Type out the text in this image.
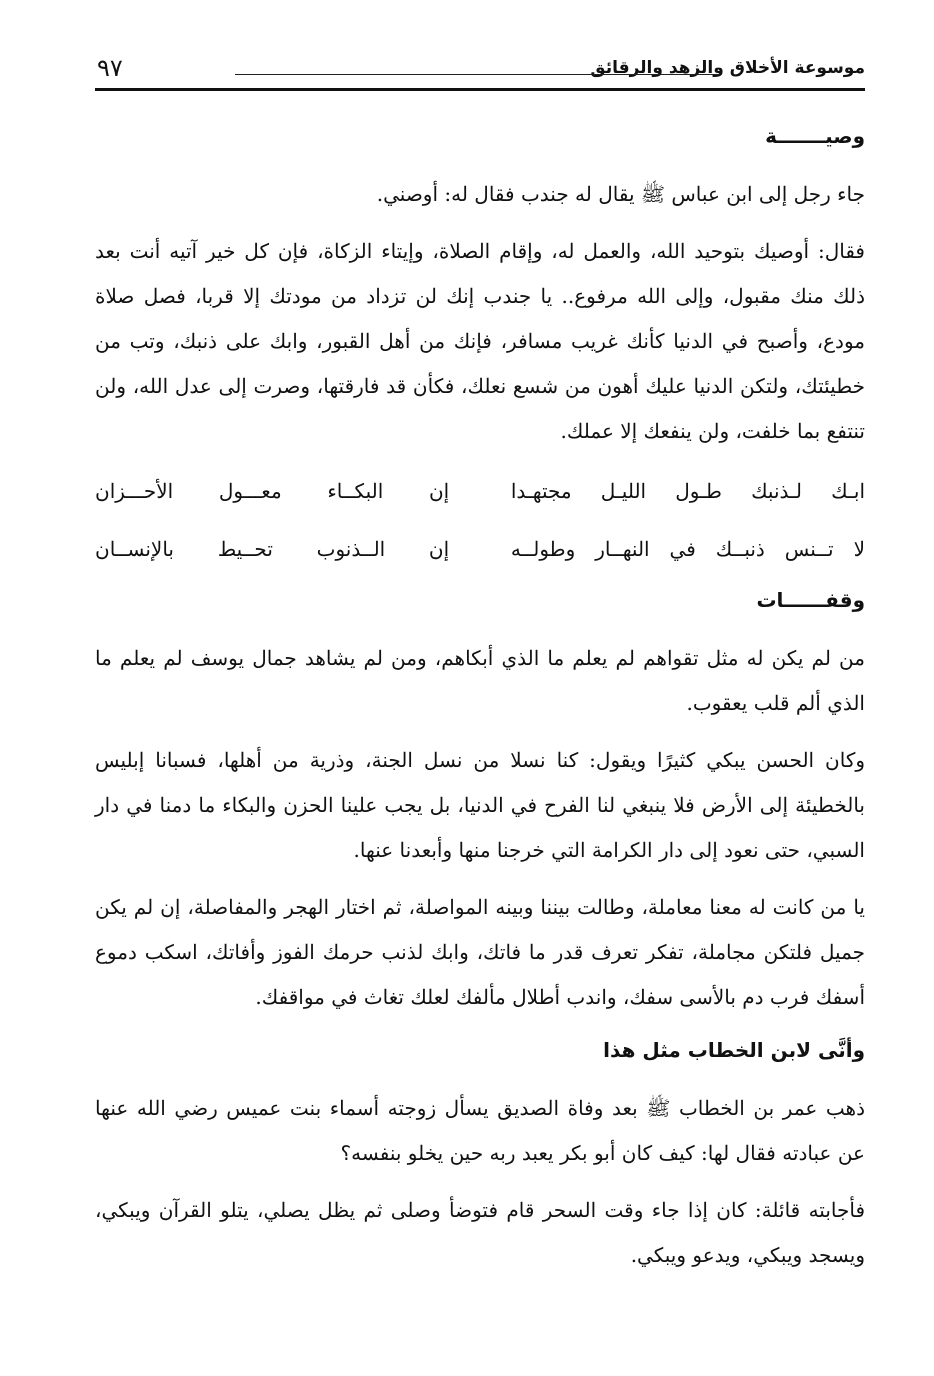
موسوعة الأخلاق والزهد والرقائق
٩٧
وصيـــــــة

جاء رجل إلى ابن عباس ﷺ يقال له جندب فقال له: أوصني.

فقال: أوصيك بتوحيد الله، والعمل له، وإقام الصلاة، وإيتاء الزكاة، فإن كل خير آتيه أنت بعد ذلك منك مقبول، وإلى الله مرفوع.. يا جندب إنك لن تزداد من مودتك إلا قربا، فصل صلاة مودع، وأصبح في الدنيا كأنك غريب مسافر، فإنك من أهل القبور، وابك على ذنبك، وتب من خطيئتك، ولتكن الدنيا عليك أهون من شسع نعلك، فكأن قد فارقتها، وصرت إلى عدل الله، ولن تنتفع بما خلفت، ولن ينفعك إلا عملك.

ابـك لـذنبك طـول الليـل مجتهـدا
إن البكــاء معـــول الأحـــزان
لا تــنس ذنبــك في النهــار وطولــه
إن الــذنوب تحــيط بالإنســان
وقفــــــات

من لم يكن له مثل تقواهم لم يعلم ما الذي أبكاهم، ومن لم يشاهد جمال يوسف لم يعلم ما الذي ألم قلب يعقوب.

وكان الحسن يبكي كثيرًا ويقول: كنا نسلا من نسل الجنة، وذرية من أهلها، فسبانا إبليس بالخطيئة إلى الأرض فلا ينبغي لنا الفرح في الدنيا، بل يجب علينا الحزن والبكاء ما دمنا في دار السبي، حتى نعود إلى دار الكرامة التي خرجنا منها وأبعدنا عنها.

يا من كانت له معنا معاملة، وطالت بيننا وبينه المواصلة، ثم اختار الهجر والمفاصلة، إن لم يكن جميل فلتكن مجاملة، تفكر تعرف قدر ما فاتك، وابك لذنب حرمك الفوز وأفاتك، اسكب دموع أسفك فرب دم بالأسى سفك، واندب أطلال مألفك لعلك تغاث في مواقفك.

وأنَّى لابن الخطاب مثل هذا

ذهب عمر بن الخطاب ﷺ بعد وفاة الصديق يسأل زوجته أسماء بنت عميس رضي الله عنها عن عبادته فقال لها: كيف كان أبو بكر يعبد ربه حين يخلو بنفسه؟

فأجابته قائلة: كان إذا جاء وقت السحر قام فتوضأ وصلى ثم يظل يصلي، يتلو القرآن ويبكي، ويسجد ويبكي، ويدعو ويبكي.
